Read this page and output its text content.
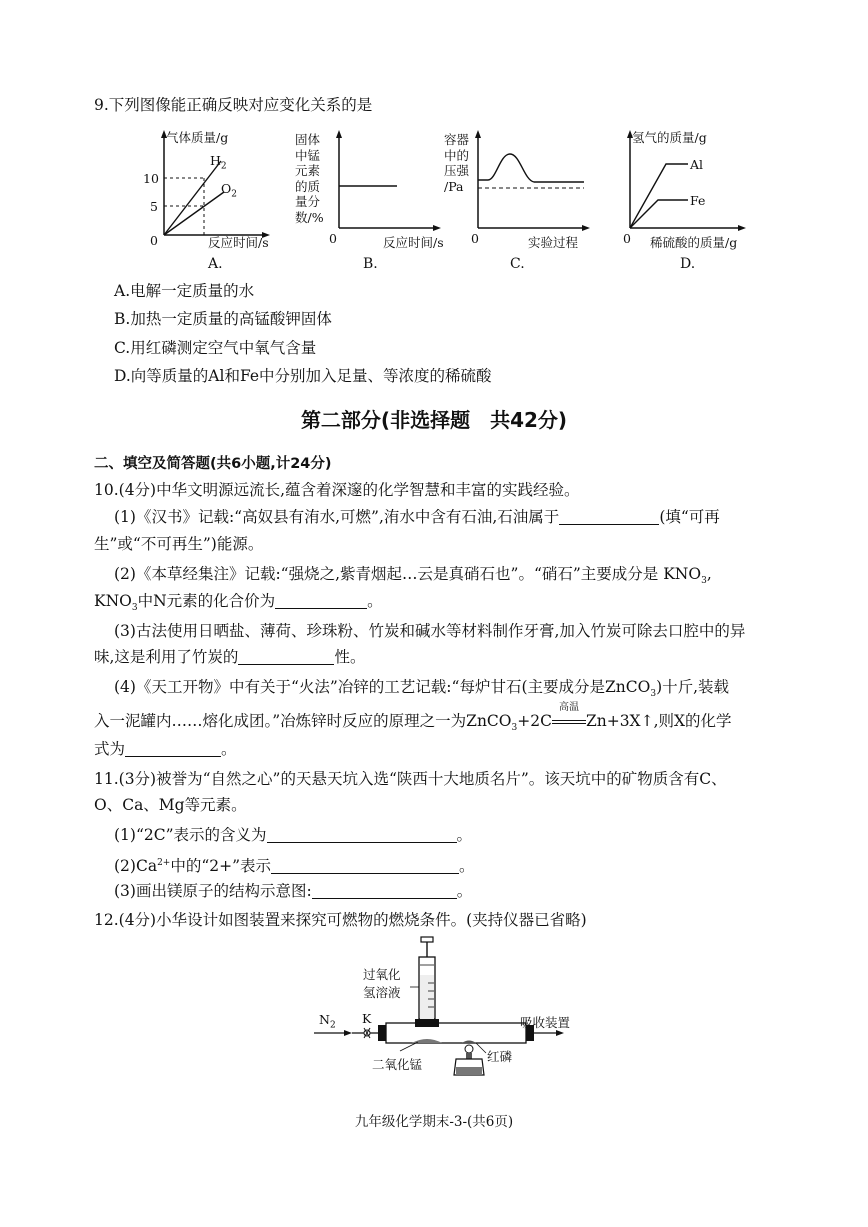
9.下列图像能正确反映对应变化关系的是
气体质量/g
10
5
0	反应时间/s
$H_2$
$O_2$
A.
固体
中锰
元素
的质
量分
数/%
0	反应时间/s
B.
容器
中的
压强
/Pa
0	实验过程
C.
氢气的质量/g
Al
Fe
0 稀硫酸的质量/g
D.
A.电解一定质量的水
B.加热一定质量的高锰酸钾固体
C.用红磷测定空气中氧气含量
D.向等质量的Al和Fe中分别加入足量、等浓度的稀硫酸
第二部分(非选择题　共42分)
二、填空及简答题(共6小题,计24分)
10.(4分)中华文明源远流长,蕴含着深邃的化学智慧和丰富的实践经验。
(1)《汉书》记载:“高奴县有洧水,可燃”,洧水中含有石油,石油属于	(填“可再
生”或“不可再生”)能源。
(2)《本草经集注》记载:“强烧之,紫青烟起…云是真硝石也”。“硝石”主要成分是 $KNO_3$,
$KNO_3$中N元素的化合价为	。
(3)古法使用日晒盐、薄荷、珍珠粉、竹炭和碱水等材料制作牙膏,加入竹炭可除去口腔中的异
味,这是利用了竹炭的	性。
(4)《天工开物》中有关于“火法”冶锌的工艺记载:“每炉甘石(主要成分是ZnCO$_3$)十斤,装载
入一泥罐内……熔化成团。”冶炼锌时反应的原理之一为ZnCO$_3$+2C
高温
Zn+3X↑,则X的化学
式为	。
11.(3分)被誉为“自然之心”的天悬天坑入选“陕西十大地质名片”。该天坑中的矿物质含有C、
O、Ca、Mg等元素。
(1)“2C”表示的含义为	。
$(2)Ca^{2+}$中的“2+”表示	。
(3)画出镁原子的结构示意图:	。
12.(4分)小华设计如图装置来探究可燃物的燃烧条件。(夹持仪器已省略)
过氧化
氢溶液
$N_2$ K	吸收装置
二氧化锰
红磷
九年级化学期末-3-(共6页)
